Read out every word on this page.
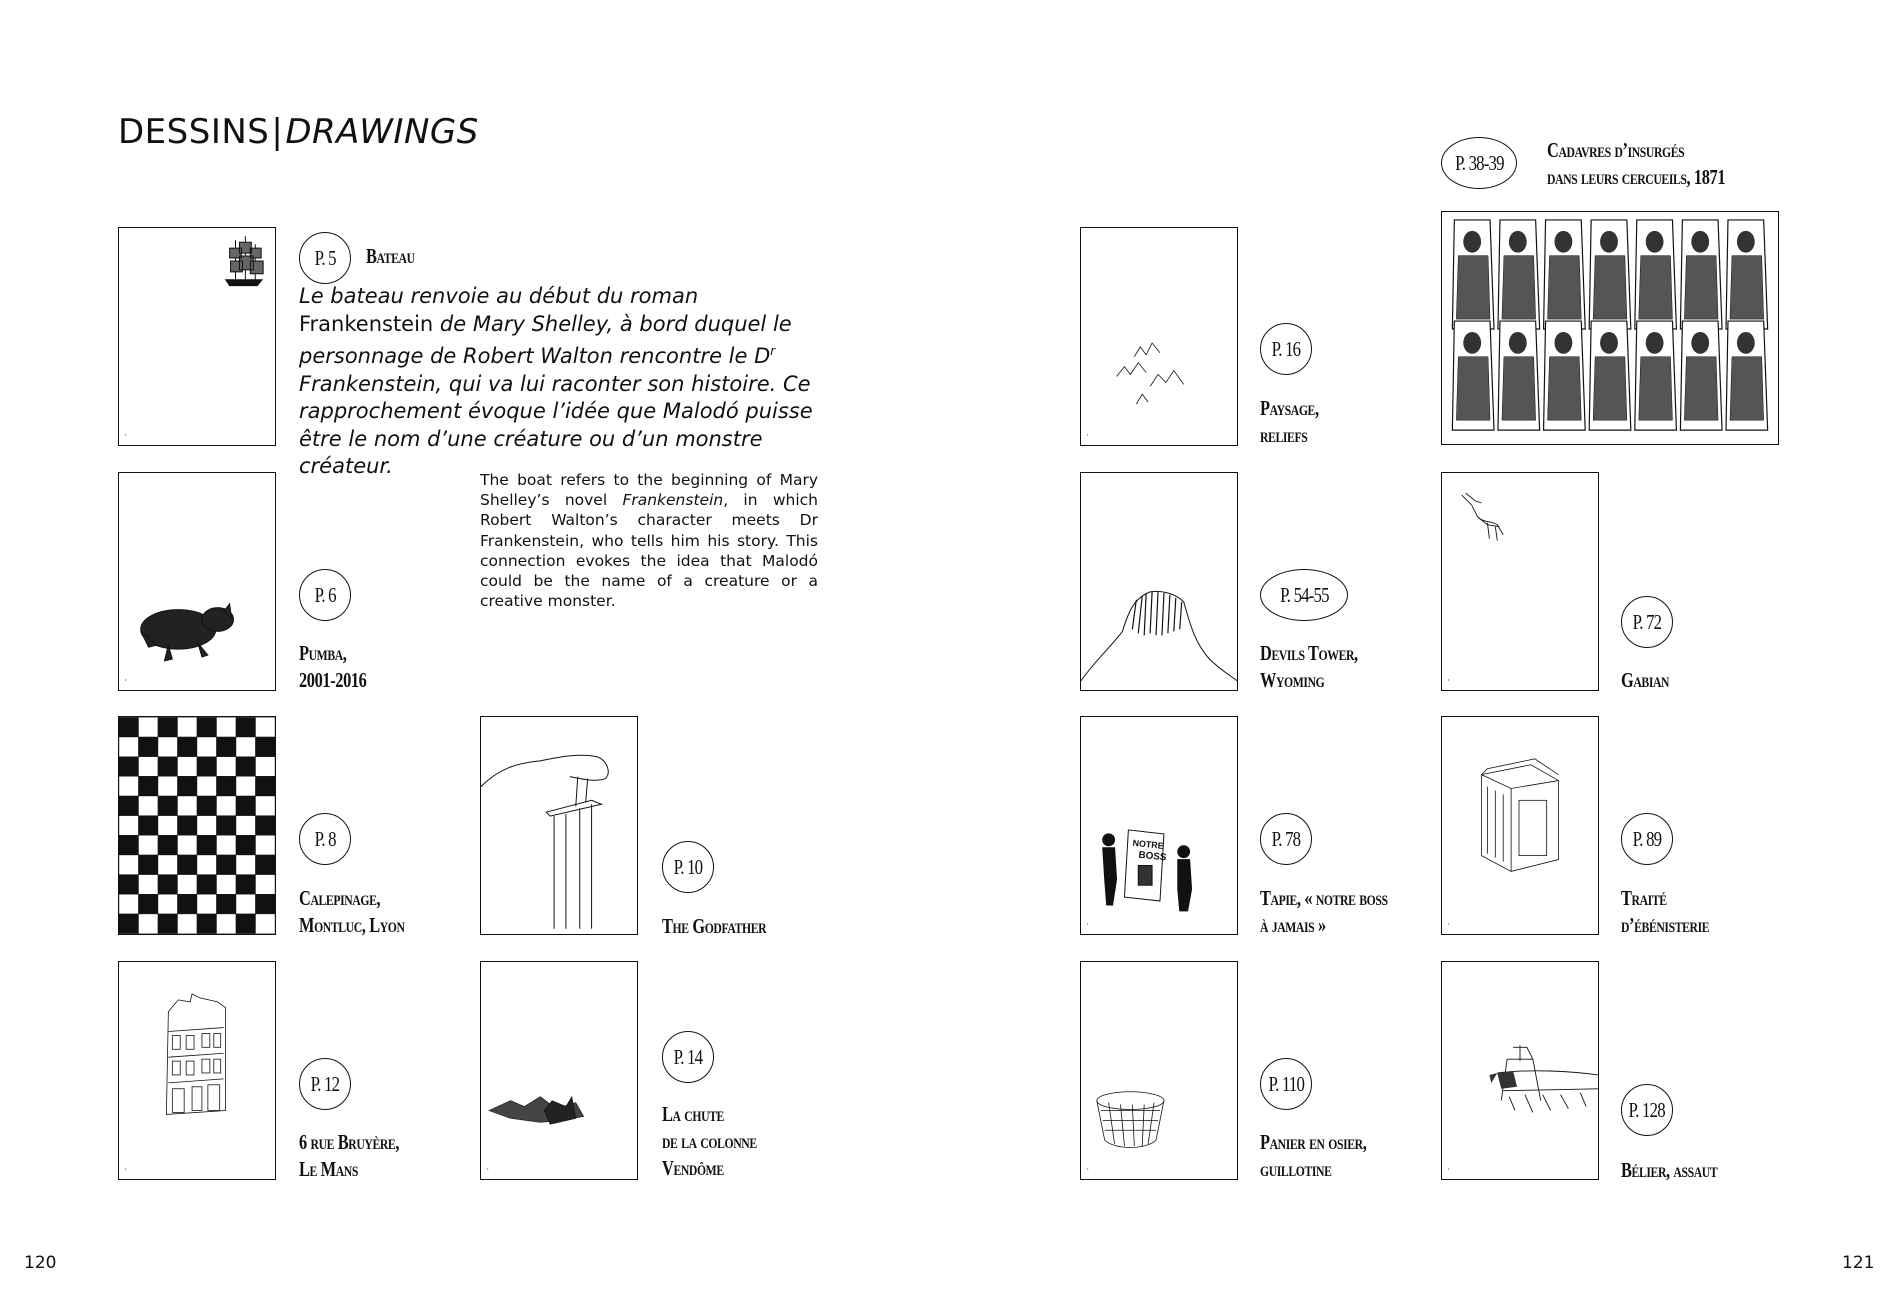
DESSINS|DRAWINGS
Le bateau renvoie au début du roman Frankenstein de Mary Shelley, à bord duquel le personnage de Robert Walton rencontre le $D^r$ Frankenstein, qui va lui raconter son histoire. Ce rapprochement évoque l’idée que Malodó puisse être le nom d’une créature ou d’un monstre créateur.
The boat refers to the beginning of Mary Shelley’s novel Frankenstein, in which Robert Walton’s character meets Dr Frankenstein, who tells him his story. This connection evokes the idea that Malodó could be the name of a creature or a creative monster.
•
P. 5 Bateau
•
P. 6
Pumba,
2001-2016
P. 8
Calepinage,
Montluc, Lyon
P. 10
The Godfather
•
P. 12
6 rue Bruyère,
Le Mans	•
P. 14
La chute
de la colonne
Vendôme
•
P. 16
Paysage,
reliefs
P. 38-39
Cadavres d’insurgés
dans leurs cercueils, 1871
P. 54-55
Devils Tower,
Wyoming	•
P. 72
Gabian
NOTRE
BOSS
•
P. 78
Tapie, « notre boss
à jamais »	•
P. 89
Traité
d’ébénisterie
•
P. 110
Panier en osier,
guillotine	•
P. 128
Bélier, assaut
120	121
